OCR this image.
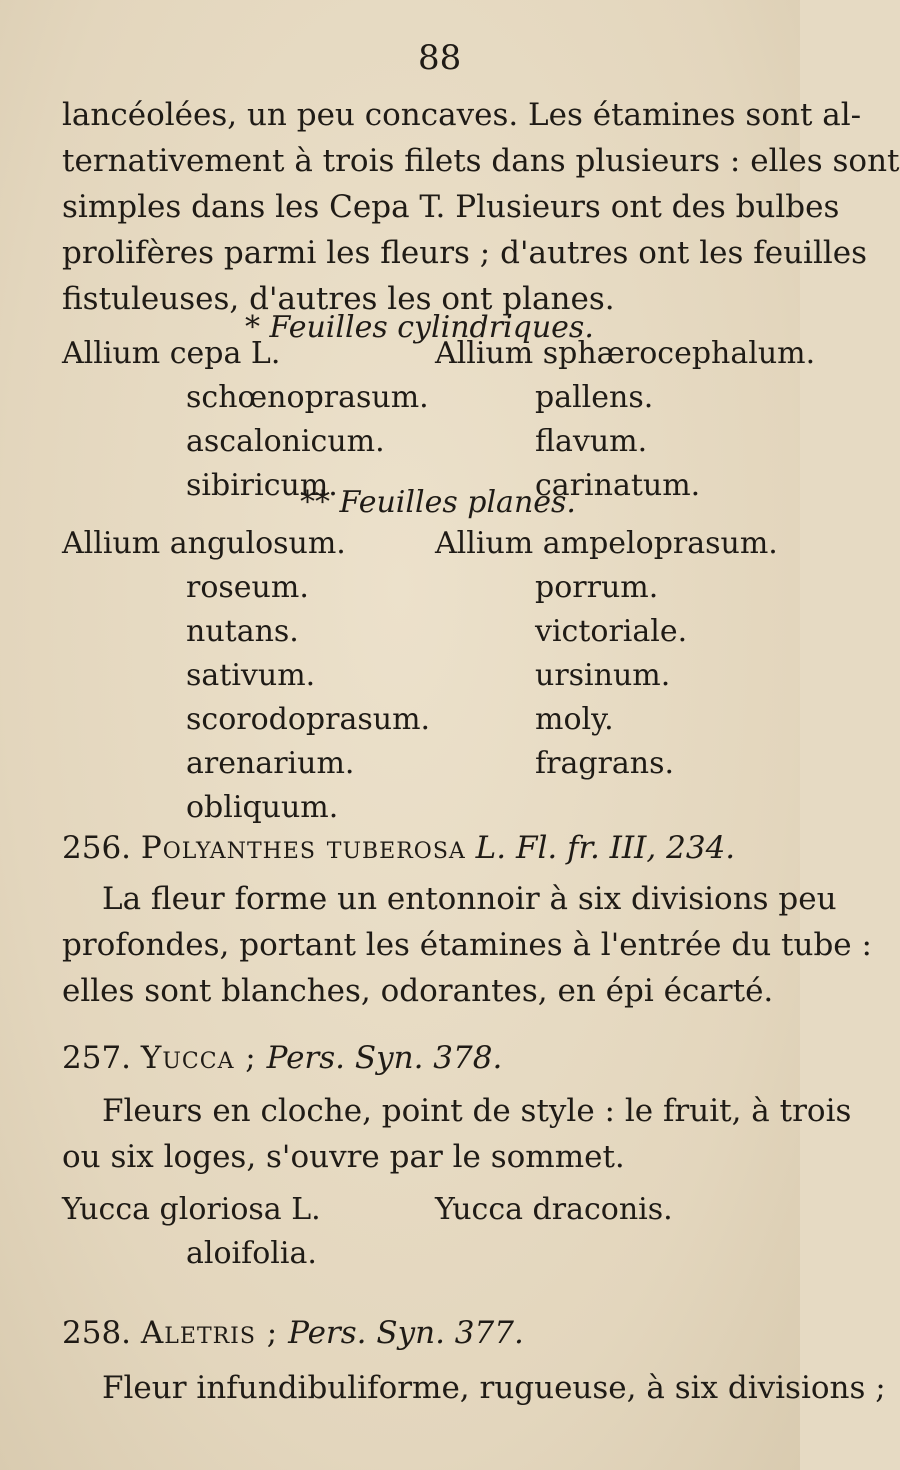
88
lancéolées, un peu concaves. Les étamines sont al-
ternativement à trois filets dans plusieurs : elles sont
simples dans les Cepa T. Plusieurs ont des bulbes
prolifères parmi les fleurs ; d'autres ont les feuilles
fistuleuses, d'autres les ont planes.
* Feuilles cylindriques.
Allium cepa L.
schœnoprasum.
ascalonicum.
sibiricum.
Allium sphærocephalum.
pallens.
flavum.
carinatum.
** Feuilles planes.
Allium angulosum.
roseum.
nutans.
sativum.
scorodoprasum.
arenarium.
obliquum.
Allium ampeloprasum.
porrum.
victoriale.
ursinum.
moly.
fragrans.
256. Polyanthes tuberosa L. Fl. fr. III, 234.
La fleur forme un entonnoir à six divisions peu
profondes, portant les étamines à l'entrée du tube :
elles sont blanches, odorantes, en épi écarté.
257. Yucca ; Pers. Syn. 378.
Fleurs en cloche, point de style : le fruit, à trois
ou six loges, s'ouvre par le sommet.
Yucca gloriosa L.
aloifolia.
Yucca draconis.
258. Aletris ; Pers. Syn. 377.
Fleur infundibuliforme, rugueuse, à six divisions ;
